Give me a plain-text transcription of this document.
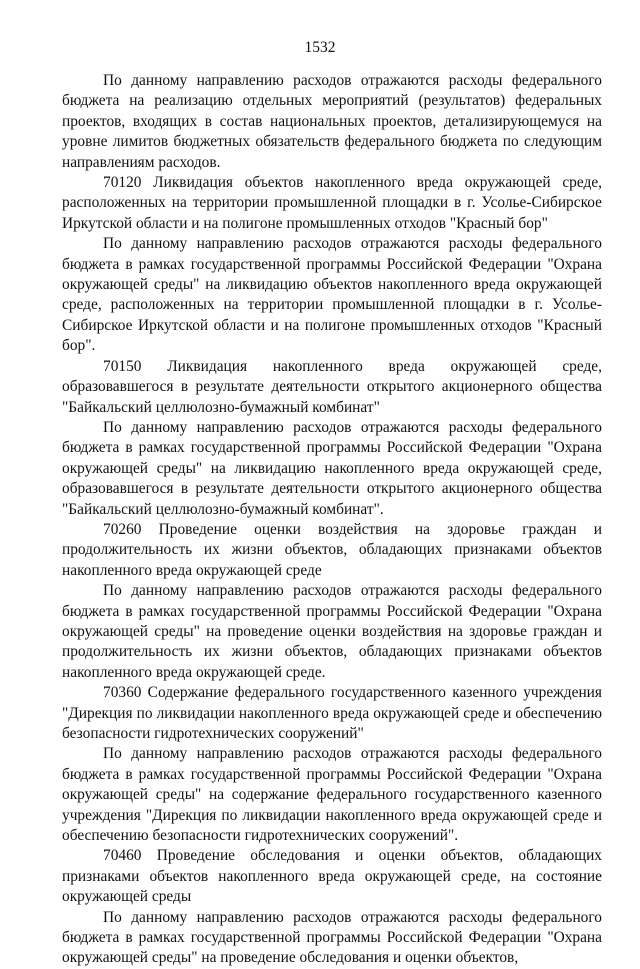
1532

По данному направлению расходов отражаются расходы федерального бюджета на реализацию отдельных мероприятий (результатов) федеральных проектов, входящих в состав национальных проектов, детализирующемуся на уровне лимитов бюджетных обязательств федерального бюджета по следующим направлениям расходов.

70120 Ликвидация объектов накопленного вреда окружающей среде, расположенных на территории промышленной площадки в г. Усолье-Сибирское Иркутской области и на полигоне промышленных отходов "Красный бор"

По данному направлению расходов отражаются расходы федерального бюджета в рамках государственной программы Российской Федерации "Охрана окружающей среды" на ликвидацию объектов накопленного вреда окружающей среде, расположенных на территории промышленной площадки в г. Усолье-Сибирское Иркутской области и на полигоне промышленных отходов "Красный бор".

70150 Ликвидация накопленного вреда окружающей среде, образовавшегося в результате деятельности открытого акционерного общества "Байкальский целлюлозно-бумажный комбинат"

По данному направлению расходов отражаются расходы федерального бюджета в рамках государственной программы Российской Федерации "Охрана окружающей среды" на ликвидацию накопленного вреда окружающей среде, образовавшегося в результате деятельности открытого акционерного общества "Байкальский целлюлозно-бумажный комбинат".

70260 Проведение оценки воздействия на здоровье граждан и продолжительность их жизни объектов, обладающих признаками объектов накопленного вреда окружающей среде

По данному направлению расходов отражаются расходы федерального бюджета в рамках государственной программы Российской Федерации "Охрана окружающей среды" на проведение оценки воздействия на здоровье граждан и продолжительность их жизни объектов, обладающих признаками объектов накопленного вреда окружающей среде.

70360 Содержание федерального государственного казенного учреждения "Дирекция по ликвидации накопленного вреда окружающей среде и обеспечению безопасности гидротехнических сооружений"

По данному направлению расходов отражаются расходы федерального бюджета в рамках государственной программы Российской Федерации "Охрана окружающей среды" на содержание федерального государственного казенного учреждения "Дирекция по ликвидации накопленного вреда окружающей среде и обеспечению безопасности гидротехнических сооружений".

70460 Проведение обследования и оценки объектов, обладающих признаками объектов накопленного вреда окружающей среде, на состояние окружающей среды

По данному направлению расходов отражаются расходы федерального бюджета в рамках государственной программы Российской Федерации "Охрана окружающей среды" на проведение обследования и оценки объектов,
